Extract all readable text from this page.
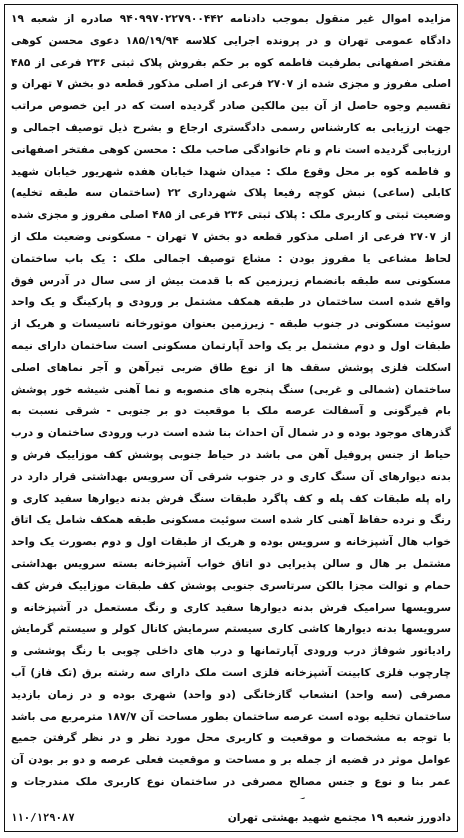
مزایده اموال غیر منقول بموجب دادنامه ۹۴۰۹۹۷۰۲۲۷۹۰۰۴۴۲ صادره از شعبه ۱۹ دادگاه عمومی تهران و در پرونده اجرایی کلاسه ۱۸۵/۱۹/۹۴ دعوی محسن کوهی مفتخر اصفهانی بطرفیت فاطمه کوه بر حکم بفروش پلاک ثبتی ۲۳۶ فرعی از ۴۸۵ اصلی مفروز و مجزی شده از ۲۷۰۷ فرعی از اصلی مذکور قطعه دو بخش ۷ تهران و تقسیم وجوه حاصل از آن بین مالکین صادر گردیده است که در این خصوص مراتب جهت ارزیابی به کارشناس رسمی دادگستری ارجاع و بشرح ذیل توصیف اجمالی و ارزیابی گردیده است نام و نام خانوادگی صاحب ملک : محسن کوهی مفتخر اصفهانی و فاطمه کوه بر محل وقوع ملک : میدان شهدا خیابان هفده شهریور خیابان شهید کابلی (ساعی) نبش کوچه رفیعا پلاک شهرداری ۲۲ (ساختمان سه طبقه تخلیه) وضعیت ثبتی و کاربری ملک : پلاک ثبتی ۲۳۶ فرعی از ۴۸۵ اصلی مفروز و مجزی شده از ۲۷۰۷ فرعی از اصلی مذکور قطعه دو بخش ۷ تهران - مسکونی وضعیت ملک از لحاظ مشاعی یا مفروز بودن : مشاع توصیف اجمالی ملک : یک باب ساختمان مسکونی سه طبقه بانضمام زیرزمین که با قدمت بیش از سی سال در آدرس فوق واقع شده است ساختمان در طبقه همکف مشتمل بر ورودی و پارکینگ و یک واحد سوئیت مسکونی در جنوب طبقه - زیرزمین بعنوان موتورخانه تاسیسات و هریک از طبقات اول و دوم مشتمل بر یک واحد آپارتمان مسکونی است ساختمان دارای نیمه اسکلت فلزی پوشش سقف ها از نوع طاق ضربی تیرآهن و آجر نماهای اصلی ساختمان (شمالی و غربی) سنگ پنجره های منصوبه و نما آهنی شیشه خور پوشش بام قیرگونی و آسفالت عرصه ملک با موقعیت دو بر جنوبی - شرقی نسبت به گذرهای موجود بوده و در شمال آن احداث بنا شده است درب ورودی ساختمان و درب حیاط از جنس پروفیل آهن می باشد در حیاط جنوبی پوشش کف موزاییک فرش و بدنه دیوارهای آن سنگ کاری و در جنوب شرقی آن سرویس بهداشتی قرار دارد در راه پله طبقات کف پله و کف پاگرد طبقات سنگ فرش بدنه دیوارها سفید کاری و رنگ و نرده حفاظ آهنی کار شده است سوئیت مسکونی طبقه همکف شامل یک اتاق خواب هال آشپزخانه و سرویس بوده و هریک از طبقات اول و دوم بصورت یک واحد مشتمل بر هال و سالن پذیرایی دو اتاق خواب آشپزخانه بسته سرویس بهداشتی حمام و توالت مجزا بالکن سرتاسری جنوبی پوشش کف طبقات موزاییک فرش کف سرویسها سرامیک فرش بدنه دیوارها سفید کاری و رنگ مستعمل در آشپزخانه و سرویسها بدنه دیوارها کاشی کاری سیستم سرمایش کانال کولر و سیستم گرمایش رادیاتور شوفاژ درب ورودی آپارتمانها و درب های داخلی چوبی با رنگ پوششی و چارچوب فلزی کابینت آشپزخانه فلزی است ملک دارای سه رشته برق (تک فاز) آب مصرفی (سه واحد) انشعاب گازخانگی (دو واحد) شهری بوده و در زمان بازدید ساختمان تخلیه بوده است عرصه ساختمان بطور مساحت آن ۱۸۷/۷ مترمربع می باشد با توجه به مشخصات و موقعیت و کاربری محل مورد نظر و در نظر گرفتن جمیع عوامل موثر در قضیه از جمله بر و مساحت و موقعیت فعلی عرصه و دو بر بودن آن عمر بنا و نوع و جنس مصالح مصرفی در ساختمان نوع کاربری ملک مندرجات و

دادورز شعبه ۱۹ مجتمع شهید بهشتی تهران
۱۱۰/۱۲۹۰۸۷
